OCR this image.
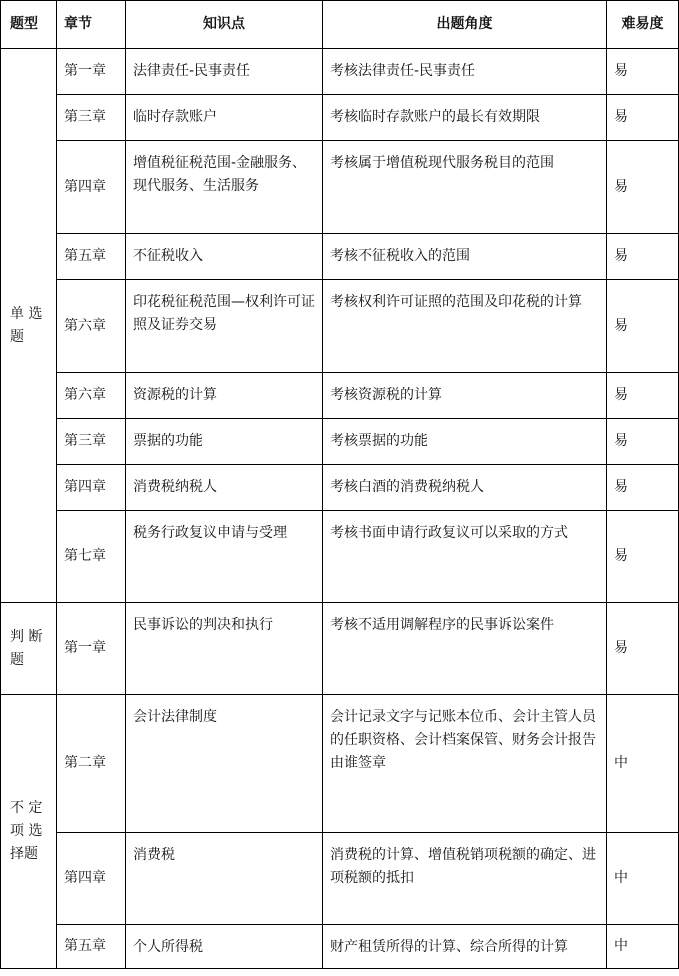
题型	章节	知识点	出题角度	难易度

单 选
题	第一章	法律责任-民事责任	考核法律责任-民事责任	易
	第三章	临时存款账户	考核临时存款账户的最长有效期限	易
	第四章	增值税征税范围-金融服务、现代服务、生活服务	考核属于增值税现代服务税目的范围	易
	第五章	不征税收入	考核不征税收入的范围	易
	第六章	印花税征税范围—权利许可证照及证券交易	考核权利许可证照的范围及印花税的计算	易
	第六章	资源税的计算	考核资源税的计算	易
	第三章	票据的功能	考核票据的功能	易
	第四章	消费税纳税人	考核白酒的消费税纳税人	易
	第七章	税务行政复议申请与受理	考核书面申请行政复议可以采取的方式	易

判 断
题	第一章	民事诉讼的判决和执行	考核不适用调解程序的民事诉讼案件	易

不 定
项 选
择题	第二章	会计法律制度	会计记录文字与记账本位币、会计主管人员的任职资格、会计档案保管、财务会计报告由谁签章	中
	第四章	消费税	消费税的计算、增值税销项税额的确定、进项税额的抵扣	中
	第五章	个人所得税	财产租赁所得的计算、综合所得的计算	中
